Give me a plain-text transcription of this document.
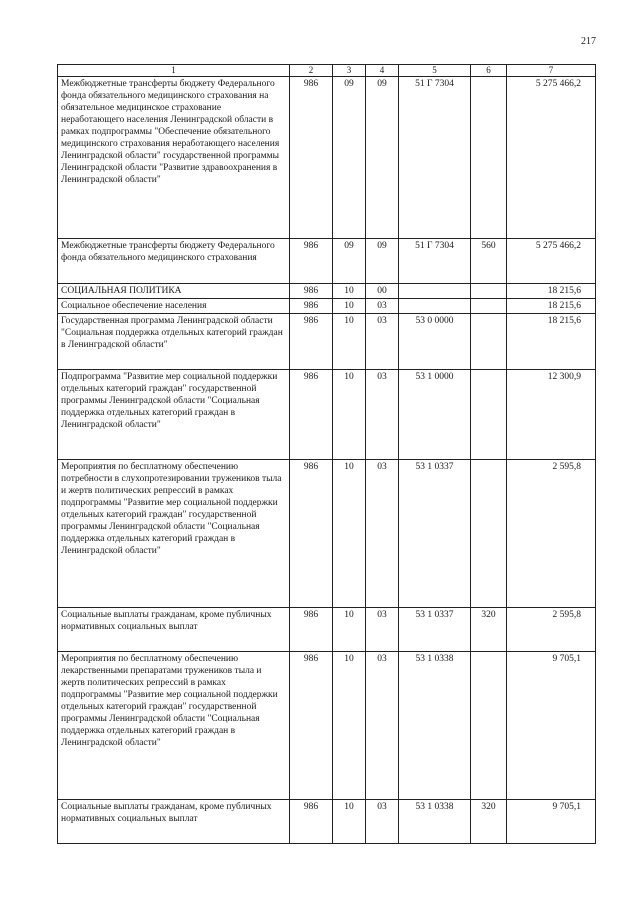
217
1	2	3	4	5	6	7
Межбюджетные трансферты бюджету Федерального фонда обязательного медицинского страхования на обязательное медицинское страхование неработающего населения Ленинградской области в рамках подпрограммы "Обеспечение обязательного медицинского страхования неработающего населения Ленинградской области" государственной программы Ленинградской области "Развитие здравоохранения в Ленинградской области"	986	09	09	51 Г 7304		5 275 466,2
Межбюджетные трансферты бюджету Федерального фонда обязательного медицинского страхования	986	09	09	51 Г 7304	560	5 275 466,2
СОЦИАЛЬНАЯ ПОЛИТИКА	986	10	00			18 215,6
Социальное обеспечение населения	986	10	03			18 215,6
Государственная программа Ленинградской области "Социальная поддержка отдельных категорий граждан в Ленинградской области"	986	10	03	53 0 0000		18 215,6
Подпрограмма "Развитие мер социальной поддержки отдельных категорий граждан" государственной программы Ленинградской области "Социальная поддержка отдельных категорий граждан в Ленинградской области"	986	10	03	53 1 0000		12 300,9
Мероприятия по бесплатному обеспечению потребности в слухопротезировании тружеников тыла и жертв политических репрессий в рамках подпрограммы "Развитие мер социальной поддержки отдельных категорий граждан" государственной программы Ленинградской области "Социальная поддержка отдельных категорий граждан в Ленинградской области"	986	10	03	53 1 0337		2 595,8
Социальные выплаты гражданам, кроме публичных нормативных социальных выплат	986	10	03	53 1 0337	320	2 595,8
Мероприятия по бесплатному обеспечению лекарственными препаратами тружеников тыла и жертв политических репрессий в рамках подпрограммы "Развитие мер социальной поддержки отдельных категорий граждан" государственной программы Ленинградской области "Социальная поддержка отдельных категорий граждан в Ленинградской области"	986	10	03	53 1 0338		9 705,1
Социальные выплаты гражданам, кроме публичных нормативных социальных выплат	986	10	03	53 1 0338	320	9 705,1
